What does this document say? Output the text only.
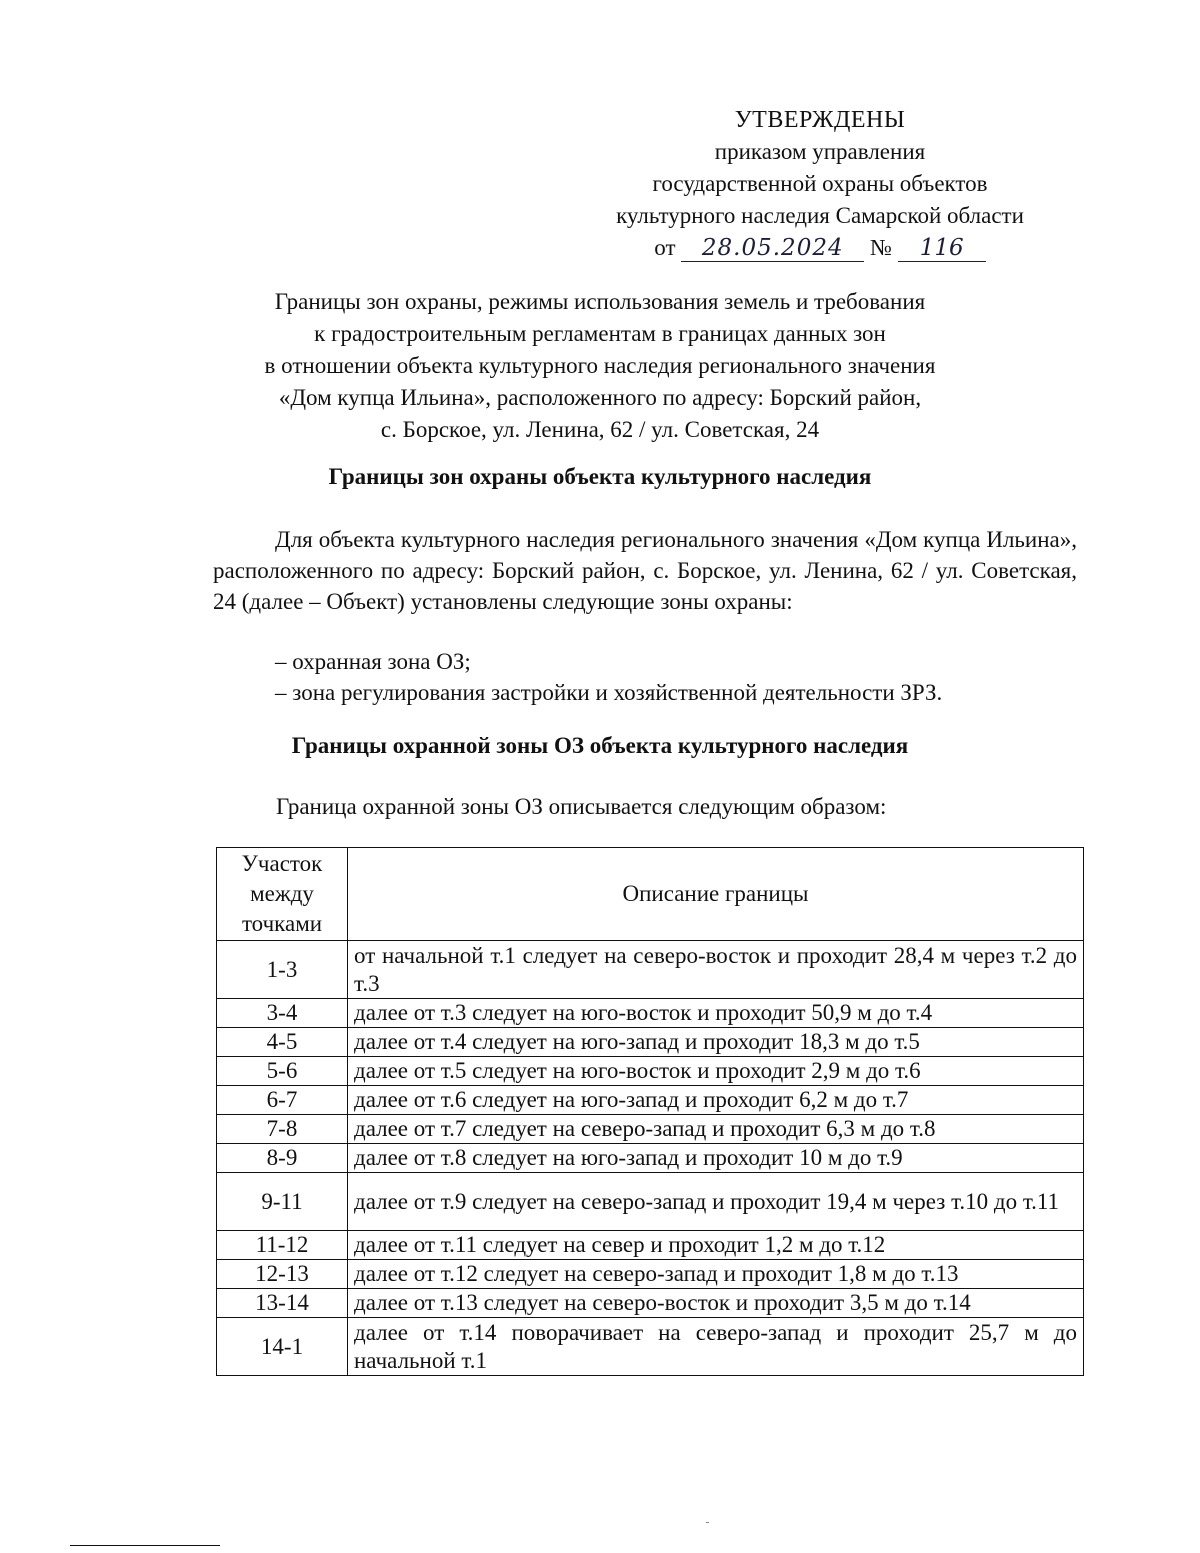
УТВЕРЖДЕНЫ
приказом управления
государственной охраны объектов
культурного наследия Самарской области
от 28.05.2024 № 116
Границы зон охраны, режимы использования земель и требования
к градостроительным регламентам в границах данных зон
в отношении объекта культурного наследия регионального значения
«Дом купца Ильина», расположенного по адресу: Борский район,
с. Борское, ул. Ленина, 62 / ул. Советская, 24
Границы зон охраны объекта культурного наследия
Для объекта культурного наследия регионального значения «Дом купца Ильина», расположенного по адресу: Борский район, с. Борское, ул. Ленина, 62 / ул. Советская, 24 (далее – Объект) установлены следующие зоны охраны:
– охранная зона ОЗ;
– зона регулирования застройки и хозяйственной деятельности ЗРЗ.
Границы охранной зоны ОЗ объекта культурного наследия
Граница охранной зоны ОЗ описывается следующим образом:
Участок
между
точками	Описание границы
1-3	от начальной т.1 следует на северо-восток и проходит 28,4 м через т.2 до т.3
3-4	далее от т.3 следует на юго-восток и проходит 50,9 м до т.4
4-5	далее от т.4 следует на юго-запад и проходит 18,3 м до т.5
5-6	далее от т.5 следует на юго-восток и проходит 2,9 м до т.6
6-7	далее от т.6 следует на юго-запад и проходит 6,2 м до т.7
7-8	далее от т.7 следует на северо-запад и проходит 6,3 м до т.8
8-9	далее от т.8 следует на юго-запад и проходит 10 м до т.9
9-11	далее от т.9 следует на северо-запад и проходит 19,4 м через т.10 до т.11
11-12	далее от т.11 следует на север и проходит 1,2 м до т.12
12-13	далее от т.12 следует на северо-запад и проходит 1,8 м до т.13
13-14	далее от т.13 следует на северо-восток и проходит 3,5 м до т.14
14-1	далее от т.14 поворачивает на северо-запад и проходит 25,7 м до начальной т.1
